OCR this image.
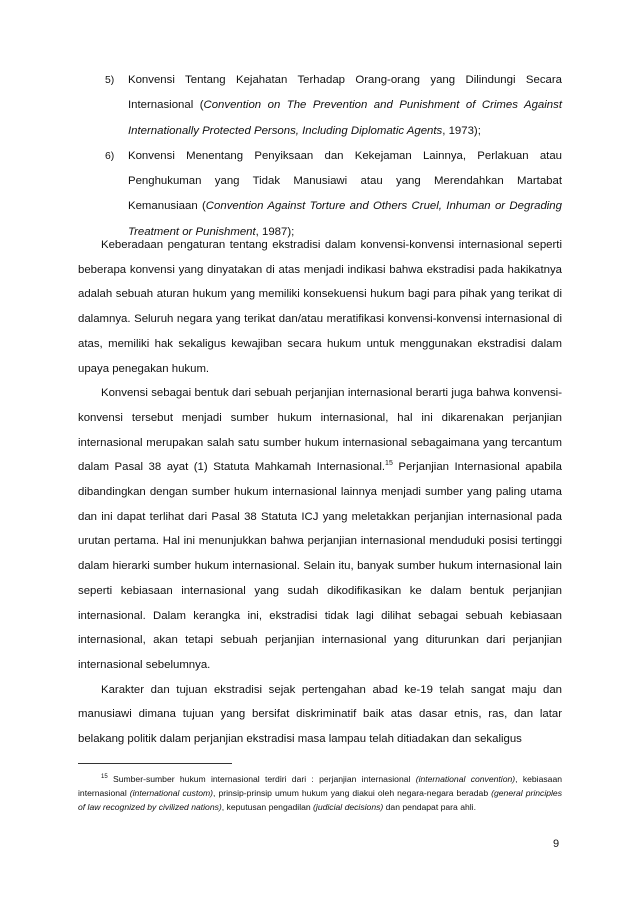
5) Konvensi Tentang Kejahatan Terhadap Orang-orang yang Dilindungi Secara Internasional (Convention on The Prevention and Punishment of Crimes Against Internationally Protected Persons, Including Diplomatic Agents, 1973);
6) Konvensi Menentang Penyiksaan dan Kekejaman Lainnya, Perlakuan atau Penghukuman yang Tidak Manusiawi atau yang Merendahkan Martabat Kemanusiaan (Convention Against Torture and Others Cruel, Inhuman or Degrading Treatment or Punishment, 1987);

Keberadaan pengaturan tentang ekstradisi dalam konvensi-konvensi internasional seperti beberapa konvensi yang dinyatakan di atas menjadi indikasi bahwa ekstradisi pada hakikatnya adalah sebuah aturan hukum yang memiliki konsekuensi hukum bagi para pihak yang terikat di dalamnya. Seluruh negara yang terikat dan/atau meratifikasi konvensi-konvensi internasional di atas, memiliki hak sekaligus kewajiban secara hukum untuk menggunakan ekstradisi dalam upaya penegakan hukum.

Konvensi sebagai bentuk dari sebuah perjanjian internasional berarti juga bahwa konvensi-konvensi tersebut menjadi sumber hukum internasional, hal ini dikarenakan perjanjian internasional merupakan salah satu sumber hukum internasional sebagaimana yang tercantum dalam Pasal 38 ayat (1) Statuta Mahkamah Internasional.$^{15}$ Perjanjian Internasional apabila dibandingkan dengan sumber hukum internasional lainnya menjadi sumber yang paling utama dan ini dapat terlihat dari Pasal 38 Statuta ICJ yang meletakkan perjanjian internasional pada urutan pertama. Hal ini menunjukkan bahwa perjanjian internasional menduduki posisi tertinggi dalam hierarki sumber hukum internasional. Selain itu, banyak sumber hukum internasional lain seperti kebiasaan internasional yang sudah dikodifikasikan ke dalam bentuk perjanjian internasional. Dalam kerangka ini, ekstradisi tidak lagi dilihat sebagai sebuah kebiasaan internasional, akan tetapi sebuah perjanjian internasional yang diturunkan dari perjanjian internasional sebelumnya.

Karakter dan tujuan ekstradisi sejak pertengahan abad ke-19 telah sangat maju dan manusiawi dimana tujuan yang bersifat diskriminatif baik atas dasar etnis, ras, dan latar belakang politik dalam perjanjian ekstradisi masa lampau telah ditiadakan dan sekaligus

$^{15}$ Sumber-sumber hukum internasional terdiri dari : perjanjian internasional (international convention), kebiasaan internasional (international custom), prinsip-prinsip umum hukum yang diakui oleh negara-negara beradab (general principles of law recognized by civilized nations), keputusan pengadilan (judicial decisions) dan pendapat para ahli.
9
